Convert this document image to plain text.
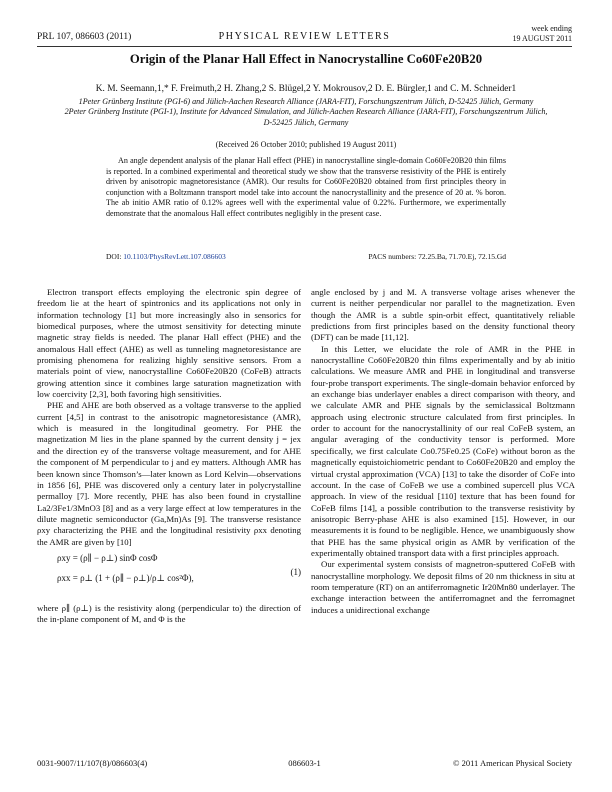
PRL 107, 086603 (2011)	PHYSICAL REVIEW LETTERS
week ending
19 AUGUST 2011
Origin of the Planar Hall Effect in Nanocrystalline Co60Fe20B20
K. M. Seemann,1,* F. Freimuth,2 H. Zhang,2 S. Blügel,2 Y. Mokrousov,2 D. E. Bürgler,1 and C. M. Schneider1
1Peter Grünberg Institute (PGI-6) and Jülich-Aachen Research Alliance (JARA-FIT), Forschungszentrum Jülich, D-52425 Jülich, Germany
2Peter Grünberg Institute (PGI-1), Institute for Advanced Simulation, and Jülich-Aachen Research Alliance (JARA-FIT), Forschungszentrum Jülich, D-52425 Jülich, Germany
(Received 26 October 2010; published 19 August 2011)
An angle dependent analysis of the planar Hall effect (PHE) in nanocrystalline single-domain Co60Fe20B20 thin films is reported. In a combined experimental and theoretical study we show that the transverse resistivity of the PHE is entirely driven by anisotropic magnetoresistance (AMR). Our results for Co60Fe20B20 obtained from first principles theory in conjunction with a Boltzmann transport model take into account the nanocrystallinity and the presence of 20 at. % boron. The ab initio AMR ratio of 0.12% agrees well with the experimental value of 0.22%. Furthermore, we experimentally demonstrate that the anomalous Hall effect contributes negligibly in the present case.
DOI: 10.1103/PhysRevLett.107.086603	PACS numbers: 72.25.Ba, 71.70.Ej, 72.15.Gd

Electron transport effects employing the electronic spin degree of freedom lie at the heart of spintronics and its applications not only in information technology [1] but more increasingly also in sensorics for biomedical purposes, where the utmost sensitivity for detecting minute magnetic stray fields is needed. The planar Hall effect (PHE) and the anomalous Hall effect (AHE) as well as tunneling magnetoresistance are promising phenomena for realizing highly sensitive sensors. From a materials point of view, nanocrystalline Co60Fe20B20 (CoFeB) attracts growing attention since it combines large saturation magnetization with low coercivity [2,3], both favoring high sensitivities.

PHE and AHE are both observed as a voltage transverse to the applied current [4,5] in contrast to the anisotropic magnetoresistance (AMR), which is measured in the longitudinal geometry. For PHE the magnetization M lies in the plane spanned by the current density j = jex and the direction ey of the transverse voltage measurement, and for AHE the component of M perpendicular to j and ey matters. Although AMR has been known since Thomson’s—later known as Lord Kelvin—observations in 1856 [6], PHE was discovered only a century later in polycrystalline permalloy [7]. More recently, PHE has also been found in crystalline La2/3Fe1/3MnO3 [8] and as a very large effect at low temperatures in the dilute magnetic semiconductor (Ga,Mn)As [9]. The transverse resistance ρxy characterizing the PHE and the longitudinal resistivity ρxx denoting the AMR are given by [10]

ρxy = (ρ∥ − ρ⊥) sinΦ cosΦ
ρxx = ρ⊥ (1 + (ρ∥ − ρ⊥)/ρ⊥ cos²Φ),
(1)

where ρ∥ (ρ⊥) is the resistivity along (perpendicular to) the direction of the in-plane component of M, and Φ is the

angle enclosed by j and M. A transverse voltage arises whenever the current is neither perpendicular nor parallel to the magnetization. Even though the AMR is a subtle spin-orbit effect, quantitatively reliable predictions from first principles based on the density functional theory (DFT) can be made [11,12].

In this Letter, we elucidate the role of AMR in the PHE in nanocrystalline Co60Fe20B20 thin films experimentally and by ab initio calculations. We measure AMR and PHE in longitudinal and transverse four-probe transport experiments. The single-domain behavior enforced by an exchange bias underlayer enables a direct comparison with theory, and we calculate AMR and PHE signals by the semiclassical Boltzmann approach using electronic structure calculated from first principles. In order to account for the nanocrystallinity of our real CoFeB system, an angular averaging of the conductivity tensor is performed. More specifically, we first calculate Co0.75Fe0.25 (CoFe) without boron as the magnetically equistoichiometric pendant to Co60Fe20B20 and employ the virtual crystal approximation (VCA) [13] to take the disorder of CoFe into account. In the case of CoFeB we use a combined supercell plus VCA approach. In view of the residual [110] texture that has been found for CoFeB films [14], a possible contribution to the transverse resistivity by anisotropic Berry-phase AHE is also examined [15]. However, in our measurements it is found to be negligible. Hence, we unambiguously show that PHE has the same physical origin as AMR by verification of the experimentally obtained transport data with a first principles approach.

Our experimental system consists of magnetron-sputtered CoFeB with nanocrystalline morphology. We deposit films of 20 nm thickness in situ at room temperature (RT) on an antiferromagnetic Ir20Mn80 underlayer. The exchange interaction between the antiferromagnet and the ferromagnet induces a unidirectional exchange

0031-9007/11/107(8)/086603(4)	086603-1	© 2011 American Physical Society
